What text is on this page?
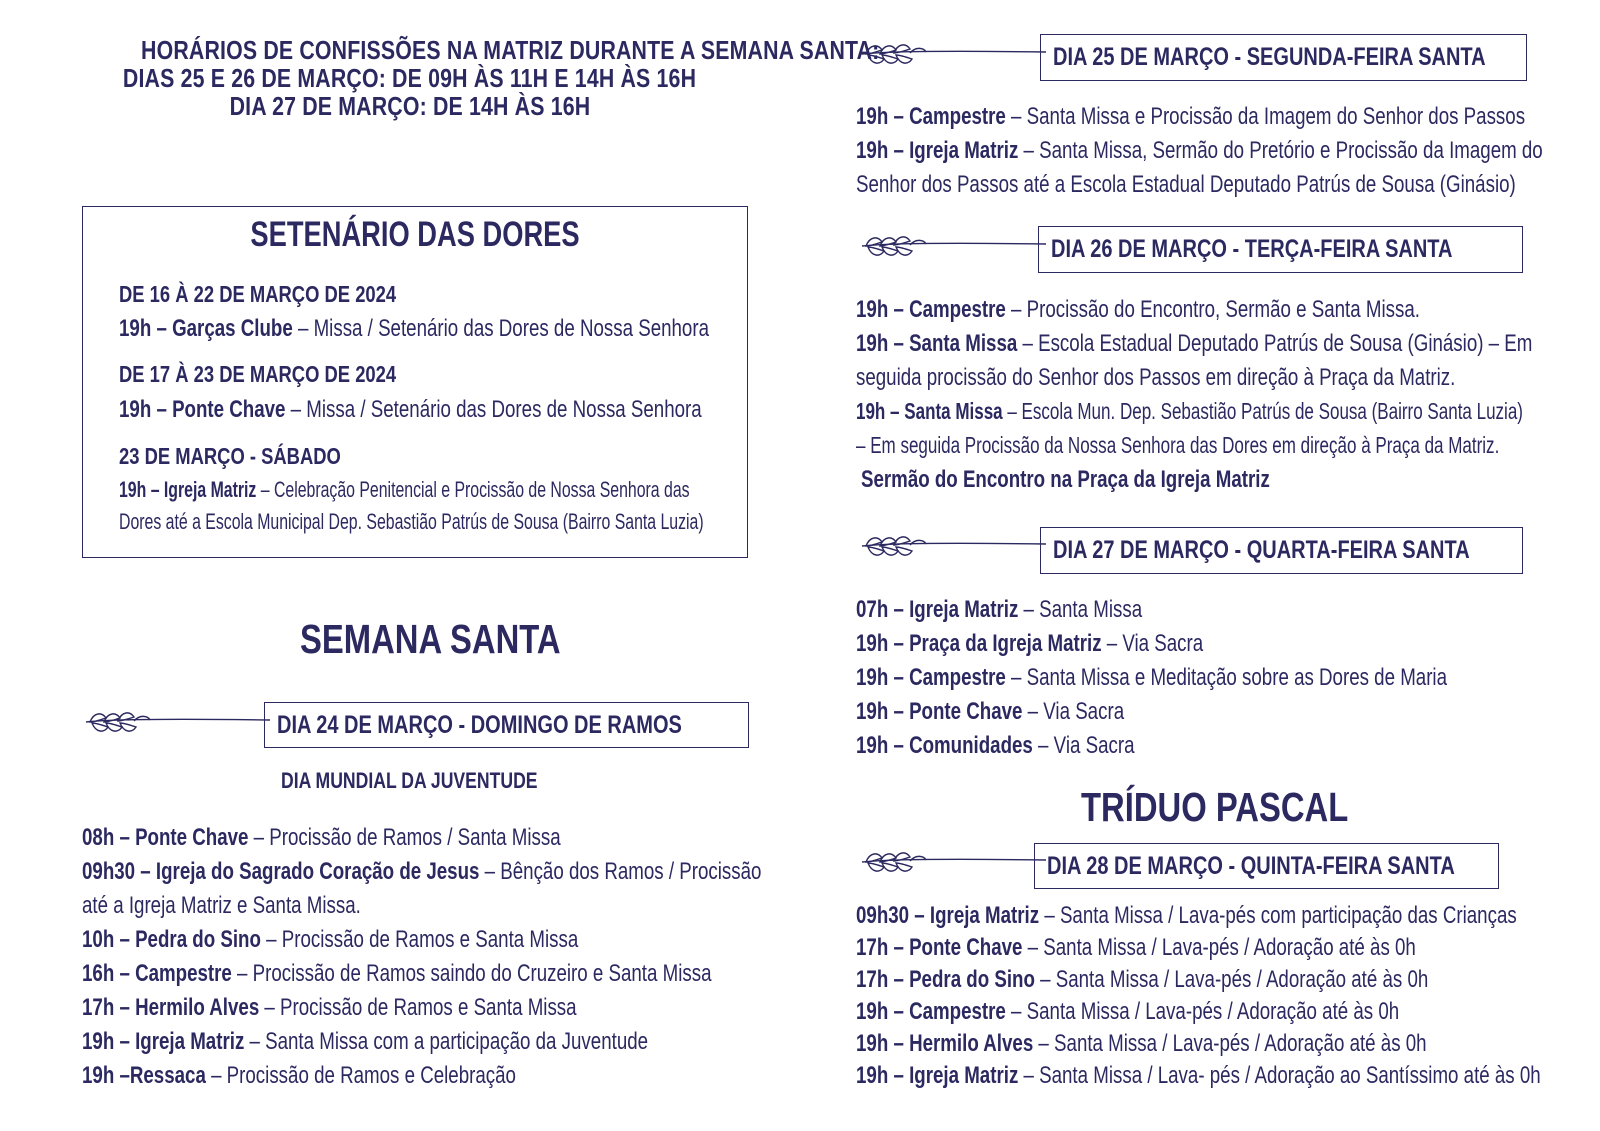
HORÁRIOS DE CONFISSÕES NA MATRIZ DURANTE A SEMANA SANTA:
DIAS 25 E 26 DE MARÇO: DE 09H ÀS 11H E 14H ÀS 16H
DIA 27 DE MARÇO: DE 14H ÀS 16H
SETENÁRIO DAS DORES
DE 16 À 22 DE MARÇO DE 2024
19h – Garças Clube – Missa / Setenário das Dores de Nossa Senhora
DE 17 À 23 DE MARÇO DE 2024
19h – Ponte Chave – Missa / Setenário das Dores de Nossa Senhora
23 DE MARÇO - SÁBADO
19h – Igreja Matriz – Celebração Penitencial e Procissão de Nossa Senhora das
Dores até a Escola Municipal Dep. Sebastião Patrús de Sousa (Bairro Santa Luzia)
SEMANA SANTA
DIA 24 DE MARÇO - DOMINGO DE RAMOS
DIA MUNDIAL DA JUVENTUDE
08h – Ponte Chave – Procissão de Ramos / Santa Missa
09h30 – Igreja do Sagrado Coração de Jesus – Bênção dos Ramos / Procissão
até a Igreja Matriz e Santa Missa.
10h – Pedra do Sino – Procissão de Ramos e Santa Missa
16h – Campestre – Procissão de Ramos saindo do Cruzeiro e Santa Missa
17h – Hermilo Alves – Procissão de Ramos e Santa Missa
19h – Igreja Matriz – Santa Missa com a participação da Juventude
19h –Ressaca – Procissão de Ramos e Celebração
DIA 25 DE MARÇO - SEGUNDA-FEIRA SANTA
19h – Campestre – Santa Missa e Procissão da Imagem do Senhor dos Passos
19h – Igreja Matriz – Santa Missa, Sermão do Pretório e Procissão da Imagem do
Senhor dos Passos até a Escola Estadual Deputado Patrús de Sousa (Ginásio)
DIA 26 DE MARÇO - TERÇA-FEIRA SANTA
19h – Campestre – Procissão do Encontro, Sermão e Santa Missa.
19h – Santa Missa – Escola Estadual Deputado Patrús de Sousa (Ginásio) – Em
seguida procissão do Senhor dos Passos em direção à Praça da Matriz.
19h – Santa Missa – Escola Mun. Dep. Sebastião Patrús de Sousa (Bairro Santa Luzia)
– Em seguida Procissão da Nossa Senhora das Dores em direção à Praça da Matriz.
Sermão do Encontro na Praça da Igreja Matriz
DIA 27 DE MARÇO - QUARTA-FEIRA SANTA
07h – Igreja Matriz – Santa Missa
19h – Praça da Igreja Matriz – Via Sacra
19h – Campestre – Santa Missa e Meditação sobre as Dores de Maria
19h – Ponte Chave – Via Sacra
19h – Comunidades – Via Sacra
TRÍDUO PASCAL
DIA 28 DE MARÇO - QUINTA-FEIRA SANTA
09h30 – Igreja Matriz – Santa Missa / Lava-pés com participação das Crianças
17h – Ponte Chave – Santa Missa / Lava-pés / Adoração até às 0h
17h – Pedra do Sino – Santa Missa / Lava-pés / Adoração até às 0h
19h – Campestre – Santa Missa / Lava-pés / Adoração até às 0h
19h – Hermilo Alves – Santa Missa / Lava-pés / Adoração até às 0h
19h – Igreja Matriz – Santa Missa / Lava- pés / Adoração ao Santíssimo até às 0h
